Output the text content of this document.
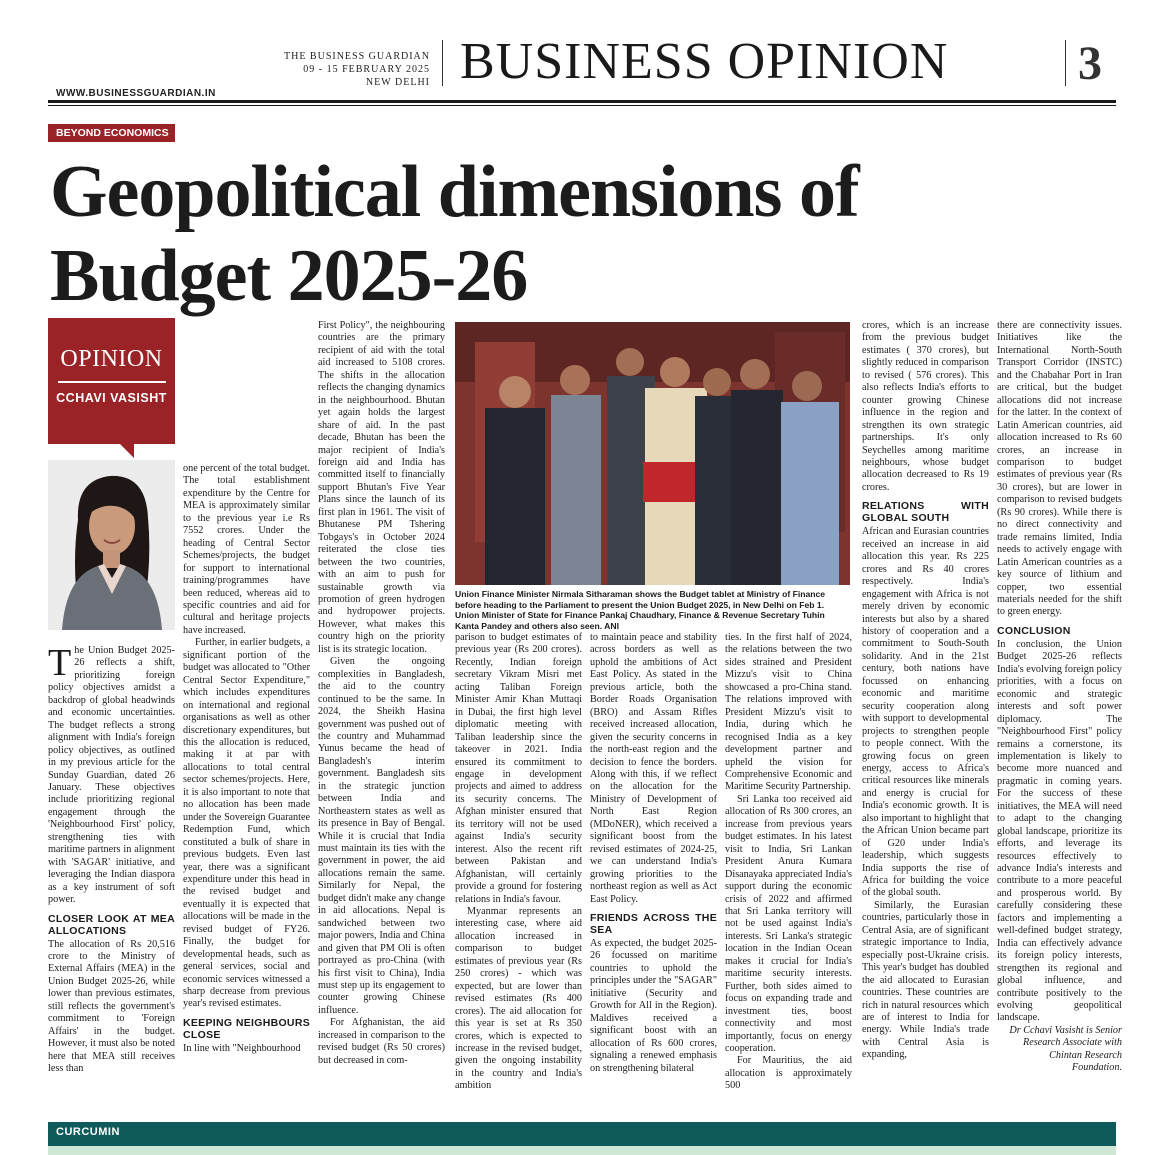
THE BUSINESS GUARDIAN
09 - 15 FEBRUARY 2025
NEW DELHI BUSINESS OPINION	3
WWW.BUSINESSGUARDIAN.IN
BEYOND ECONOMICS
Geopolitical dimensions of
Budget 2025-26
OPINION
CCHAVI VASISHT

The Union Budget 2025-26 reflects a shift, prioritizing foreign policy objectives amidst a backdrop of global headwinds and economic uncertainties. The budget reflects a strong alignment with India's foreign policy objectives, as outlined in my previous article for the Sunday Guardian, dated 26 January. These objectives include prioritizing regional engagement through the 'Neighbourhood First' policy, strengthening ties with maritime partners in alignment with 'SAGAR' initiative, and leveraging the Indian diaspora as a key instrument of soft power.

CLOSER LOOK AT MEA ALLOCATIONS

The allocation of Rs 20,516 crore to the Ministry of External Affairs (MEA) in the Union Budget 2025-26, while lower than previous estimates, still reflects the government's commitment to 'Foreign Affairs' in the budget. However, it must also be noted here that MEA still receives less than

one percent of the total budget. The total establishment expenditure by the Centre for MEA is approximately similar to the previous year i.e Rs 7552 crores. Under the heading of Central Sector Schemes/projects, the budget for support to international training/programmes have been reduced, whereas aid to specific countries and aid for cultural and heritage projects have increased.

Further, in earlier budgets, a significant portion of the budget was allocated to "Other Central Sector Expenditure," which includes expenditures on international and regional organisations as well as other discretionary expenditures, but this the allocation is reduced, making it at par with allocations to total central sector schemes/projects. Here, it is also important to note that no allocation has been made under the Sovereign Guarantee Redemption Fund, which constituted a bulk of share in previous budgets. Even last year, there was a significant expenditure under this head in the revised budget and eventually it is expected that allocations will be made in the revised budget of FY26. Finally, the budget for developmental heads, such as general services, social and economic services witnessed a sharp decrease from previous year's revised estimates.

KEEPING NEIGHBOURS CLOSE

In line with "Neighbourhood

First Policy", the neighbouring countries are the primary recipient of aid with the total aid increased to 5108 crores. The shifts in the allocation reflects the changing dynamics in the neighbourhood. Bhutan yet again holds the largest share of aid. In the past decade, Bhutan has been the major recipient of India's foreign aid and India has committed itself to financially support Bhutan's Five Year Plans since the launch of its first plan in 1961. The visit of Bhutanese PM Tshering Tobgays's in October 2024 reiterated the close ties between the two countries, with an aim to push for sustainable growth via promotion of green hydrogen and hydropower projects. However, what makes this country high on the priority list is its strategic location.

Given the ongoing complexities in Bangladesh, the aid to the country continued to be the same. In 2024, the Sheikh Hasina government was pushed out of the country and Muhammad Yunus became the head of Bangladesh's interim government. Bangladesh sits in the strategic junction between India and Northeastern states as well as its presence in Bay of Bengal. While it is crucial that India must maintain its ties with the government in power, the aid allocations remain the same. Similarly for Nepal, the budget didn't make any change in aid allocations. Nepal is sandwiched between two major powers, India and China and given that PM Oli is often portrayed as pro-China (with his first visit to China), India must step up its engagement to counter growing Chinese influence.

For Afghanistan, the aid increased in comparison to the revised budget (Rs 50 crores) but decreased in com-

Union Finance Minister Nirmala Sitharaman shows the Budget tablet at Ministry of Finance before heading to the Parliament to present the Union Budget 2025, in New Delhi on Feb 1. Union Minister of State for Finance Pankaj Chaudhary, Finance & Revenue Secretary Tuhin Kanta Pandey and others also seen. ANI

parison to budget estimates of previous year (Rs 200 crores). Recently, Indian foreign secretary Vikram Misri met acting Taliban Foreign Minister Amir Khan Muttaqi in Dubai, the first high level diplomatic meeting with Taliban leadership since the takeover in 2021. India ensured its commitment to engage in development projects and aimed to address its security concerns. The Afghan minister ensured that its territory will not be used against India's security interest. Also the recent rift between Pakistan and Afghanistan, will certainly provide a ground for fostering relations in India's favour.

Myanmar represents an interesting case, where aid allocation increased in comparison to budget estimates of previous year (Rs 250 crores) - which was expected, but are lower than revised estimates (Rs 400 crores). The aid allocation for this year is set at Rs 350 crores, which is expected to increase in the revised budget, given the ongoing instability in the country and India's ambition

to maintain peace and stability across borders as well as uphold the ambitions of Act East Policy. As stated in the previous article, both the Border Roads Organisation (BRO) and Assam Rifles received increased allocation, given the security concerns in the north-east region and the decision to fence the borders. Along with this, if we reflect on the allocation for the Ministry of Development of North East Region (MDoNER), which received a significant boost from the revised estimates of 2024-25, we can understand India's growing priorities to the northeast region as well as Act East Policy.

FRIENDS ACROSS THE SEA

As expected, the budget 2025-26 focussed on maritime countries to uphold the principles under the "SAGAR" initiative (Security and Growth for All in the Region). Maldives received a significant boost with an allocation of Rs 600 crores, signaling a renewed emphasis on strengthening bilateral

ties. In the first half of 2024, the relations between the two sides strained and President Mizzu's visit to China showcased a pro-China stand. The relations improved with President Mizzu's visit to India, during which he recognised India as a key development partner and upheld the vision for Comprehensive Economic and Maritime Security Partnership.

Sri Lanka too received aid allocation of Rs 300 crores, an increase from previous years budget estimates. In his latest visit to India, Sri Lankan President Anura Kumara Disanayaka appreciated India's support during the economic crisis of 2022 and affirmed that Sri Lanka territory will not be used against India's interests. Sri Lanka's strategic location in the Indian Ocean makes it crucial for India's maritime security interests. Further, both sides aimed to focus on expanding trade and investment ties, boost connectivity and most importantly, focus on energy cooperation.

For Mauritius, the aid allocation is approximately 500

crores, which is an increase from the previous budget estimates ( 370 crores), but slightly reduced in comparison to revised ( 576 crores). This also reflects India's efforts to counter growing Chinese influence in the region and strengthen its own strategic partnerships. It's only Seychelles among maritime neighbours, whose budget allocation decreased to Rs 19 crores.

RELATIONS WITH GLOBAL SOUTH

African and Eurasian countries received an increase in aid allocation this year. Rs 225 crores and Rs 40 crores respectively. India's engagement with Africa is not merely driven by economic interests but also by a shared history of cooperation and a commitment to South-South solidarity. And in the 21st century, both nations have focussed on enhancing economic and maritime security cooperation along with support to developmental projects to strengthen people to people connect. With the growing focus on green energy, access to Africa's critical resources like minerals and energy is crucial for India's economic growth. It is also important to highlight that the African Union became part of G20 under India's leadership, which suggests India supports the rise of Africa for building the voice of the global south.

Similarly, the Eurasian countries, particularly those in Central Asia, are of significant strategic importance to India, especially post-Ukraine crisis. This year's budget has doubled the aid allocated to Eurasian countries. These countries are rich in natural resources which are of interest to India for energy. While India's trade with Central Asia is expanding,

there are connectivity issues. Initiatives like the International North-South Transport Corridor (INSTC) and the Chabahar Port in Iran are critical, but the budget allocations did not increase for the latter. In the context of Latin American countries, aid allocation increased to Rs 60 crores, an increase in comparison to budget estimates of previous year (Rs 30 crores), but are lower in comparison to revised budgets (Rs 90 crores). While there is no direct connectivity and trade remains limited, India needs to actively engage with Latin American countries as a key source of lithium and copper, two essential materials needed for the shift to green energy.

CONCLUSION

In conclusion, the Union Budget 2025-26 reflects India's evolving foreign policy priorities, with a focus on economic and strategic interests and soft power diplomacy. The "Neighbourhood First" policy remains a cornerstone, its implementation is likely to become more nuanced and pragmatic in coming years. For the success of these initiatives, the MEA will need to adapt to the changing global landscape, prioritize its efforts, and leverage its resources effectively to advance India's interests and contribute to a more peaceful and prosperous world. By carefully considering these factors and implementing a well-defined budget strategy, India can effectively advance its foreign policy interests, strengthen its regional and global influence, and contribute positively to the evolving geopolitical landscape.

Dr Cchavi Vasisht is Senior Research Associate with Chintan Research Foundation.

CURCUMIN
